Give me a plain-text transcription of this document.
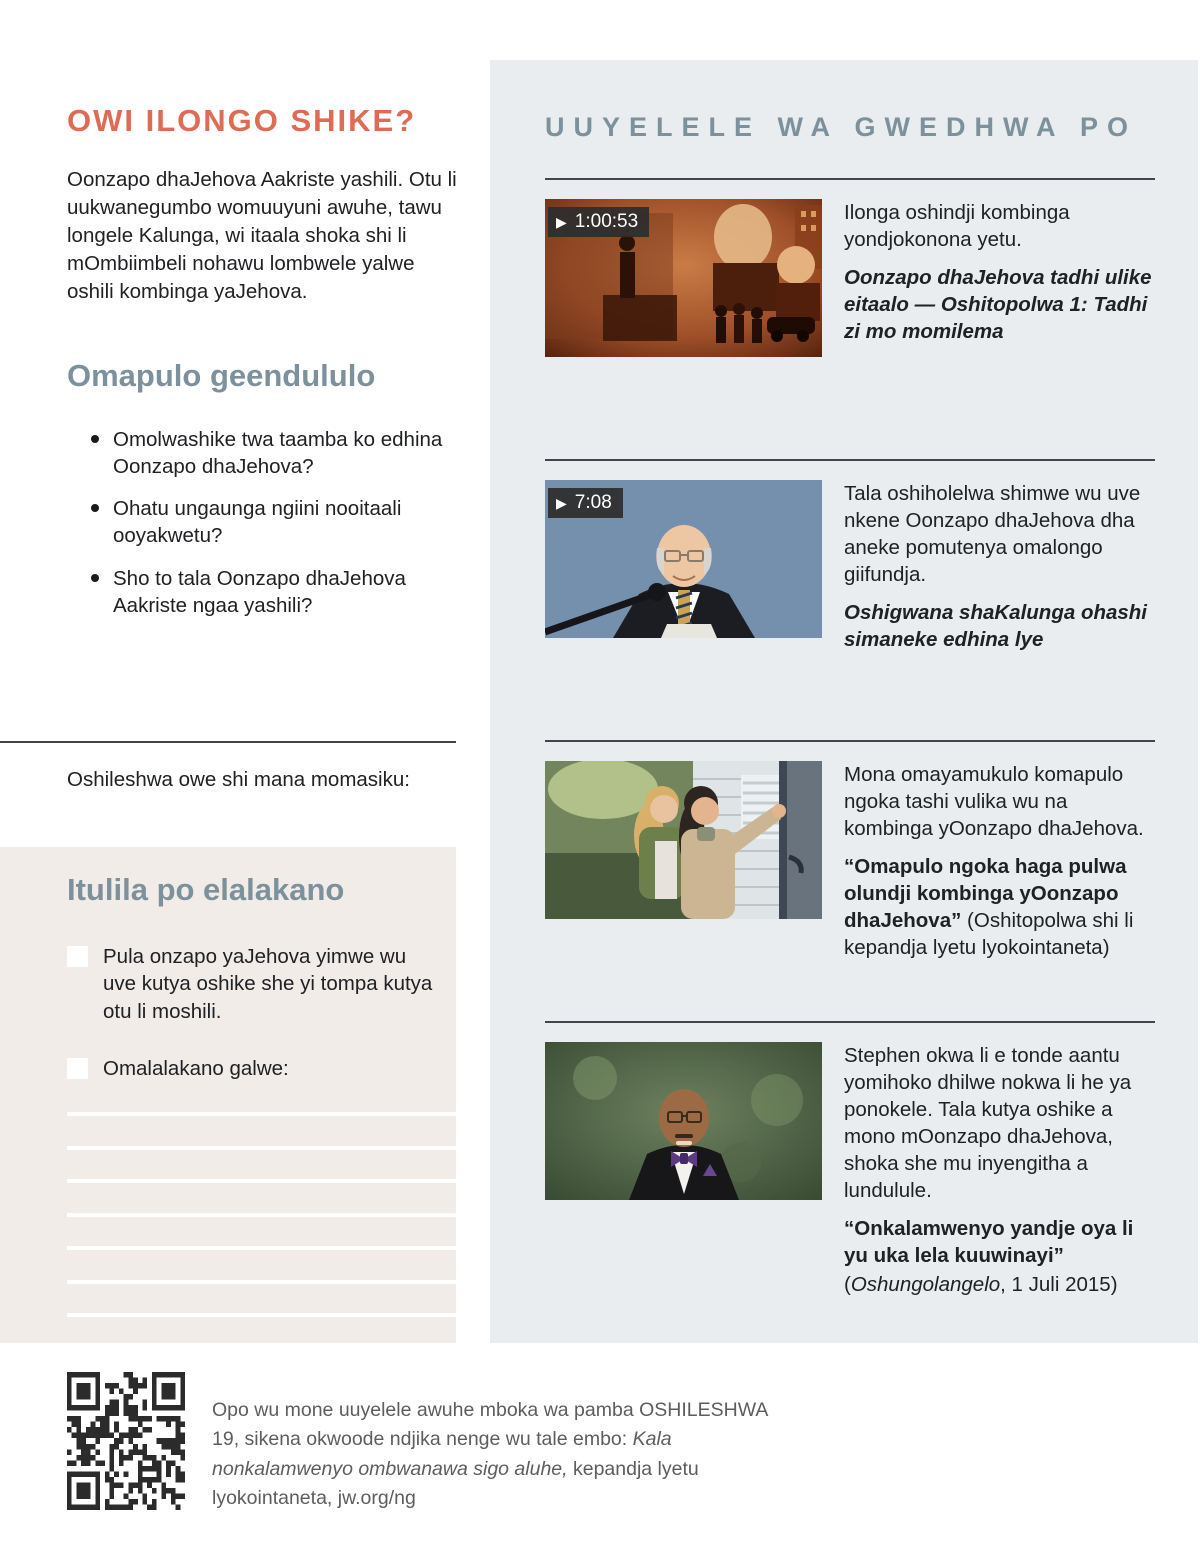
OWI ILONGO SHIKE?

Oonzapo dhaJehova Aakriste yashili. Otu li uukwanegumbo womuuyuni awuhe, tawu longele Kalunga, wi itaala shoka shi li mOmbiimbeli nohawu lombwele yalwe oshili kombinga yaJehova.

Omapulo geendululo
Omolwashike twa taamba ko edhina Oonzapo dhaJehova?
Ohatu ungaunga ngiini nooitaali ooyakwetu?
Sho to tala Oonzapo dhaJehova Aakriste ngaa yashili?

Oshileshwa owe shi mana momasiku:

Itulila po elalakano
Pula onzapo yaJehova yimwe wu uve kutya oshike she yi tompa kutya otu li moshili.
Omalalakano galwe:
UUYELELE WA GWEDHWA PO
▶ 1:00:53	Ilonga oshindji kombinga yondjokonona yetu.

Oonzapo dhaJehova tadhi ulike eitaalo — Oshitopolwa 1: Tadhi zi mo momilema

▶ 7:08	Tala oshiholelwa shimwe wu uve nkene Oonzapo dhaJehova dha aneke pomutenya omalongo giifundja.

Oshigwana shaKalunga ohashi simaneke edhina lye

Mona omayamukulo komapulo ngoka tashi vulika wu na kombinga yOonzapo dhaJehova.

“Omapulo ngoka haga pulwa olundji kombinga yOonzapo dhaJehova” (Oshitopolwa shi li kepandja lyetu lyokointaneta)

Stephen okwa li e tonde aantu yomihoko dhilwe nokwa li he ya ponokele. Tala kutya oshike a mono mOonzapo dhaJehova, shoka she mu inyengitha a lundulule.

“Onkalamwenyo yandje oya li yu uka lela kuuwinayi”

(Oshungolangelo, 1 Juli 2015)

Opo wu mone uuyelele awuhe mboka wa pamba OSHILESHWA 19, sikena okwoode ndjika nenge wu tale embo: Kala nonkalamwenyo ombwanawa sigo aluhe, kepandja lyetu lyokointaneta, jw.org/ng
